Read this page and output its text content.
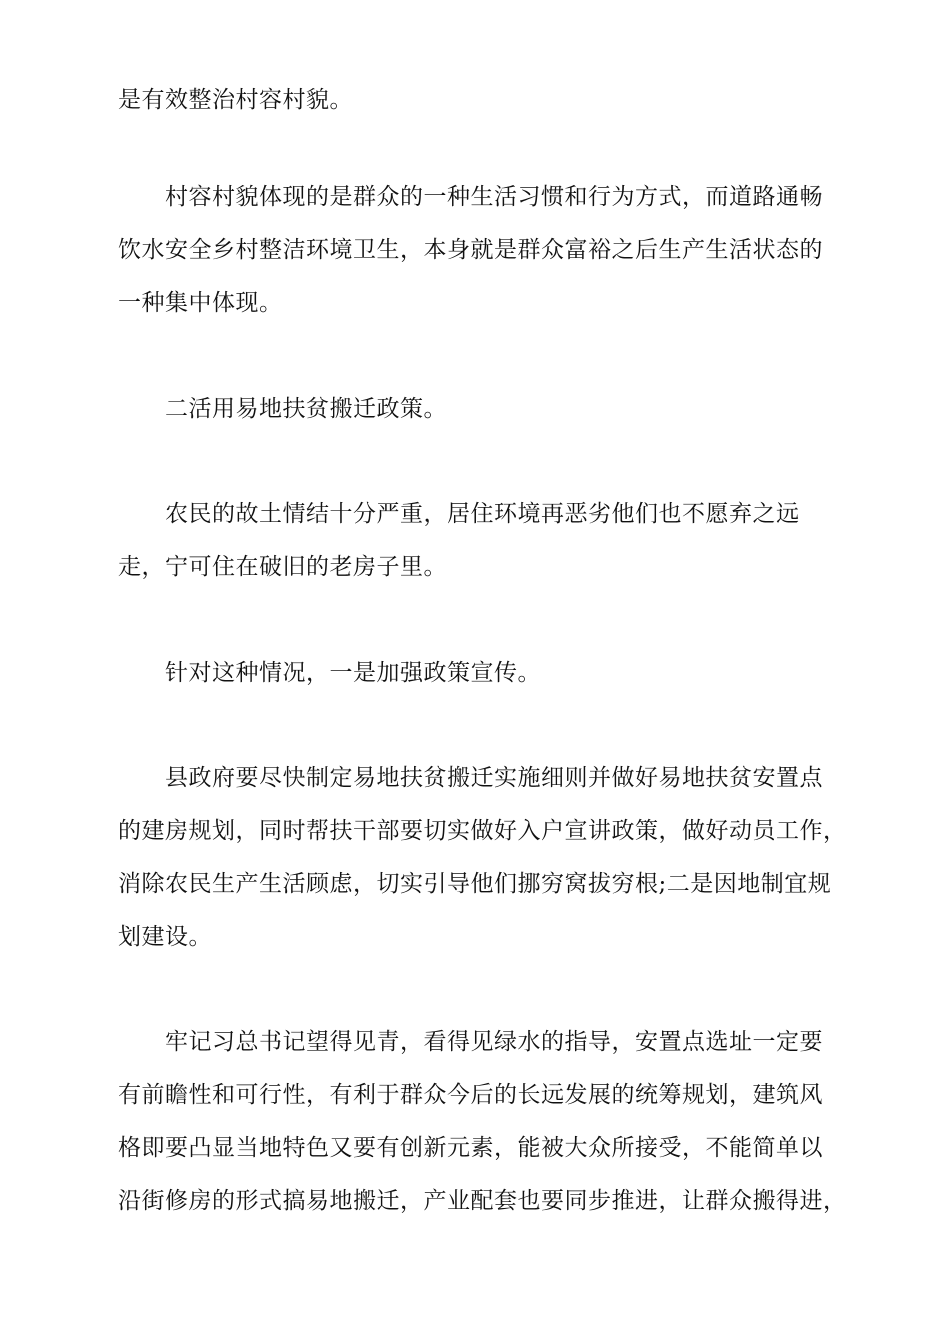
是有效整治村容村貌。
村容村貌体现的是群众的一种生活习惯和行为方式，而道路通畅
饮水安全乡村整洁环境卫生，本身就是群众富裕之后生产生活状态的
一种集中体现。
二活用易地扶贫搬迁政策。
农民的故土情结十分严重，居住环境再恶劣他们也不愿弃之远
走，宁可住在破旧的老房子里。
针对这种情况，一是加强政策宣传。
县政府要尽快制定易地扶贫搬迁实施细则并做好易地扶贫安置点
的建房规划，同时帮扶干部要切实做好入户宣讲政策，做好动员工作，
消除农民生产生活顾虑，切实引导他们挪穷窝拔穷根;二是因地制宜规
划建设。
牢记习总书记望得见青，看得见绿水的指导，安置点选址一定要
有前瞻性和可行性，有利于群众今后的长远发展的统筹规划，建筑风
格即要凸显当地特色又要有创新元素，能被大众所接受，不能简单以
沿街修房的形式搞易地搬迁，产业配套也要同步推进，让群众搬得进，
